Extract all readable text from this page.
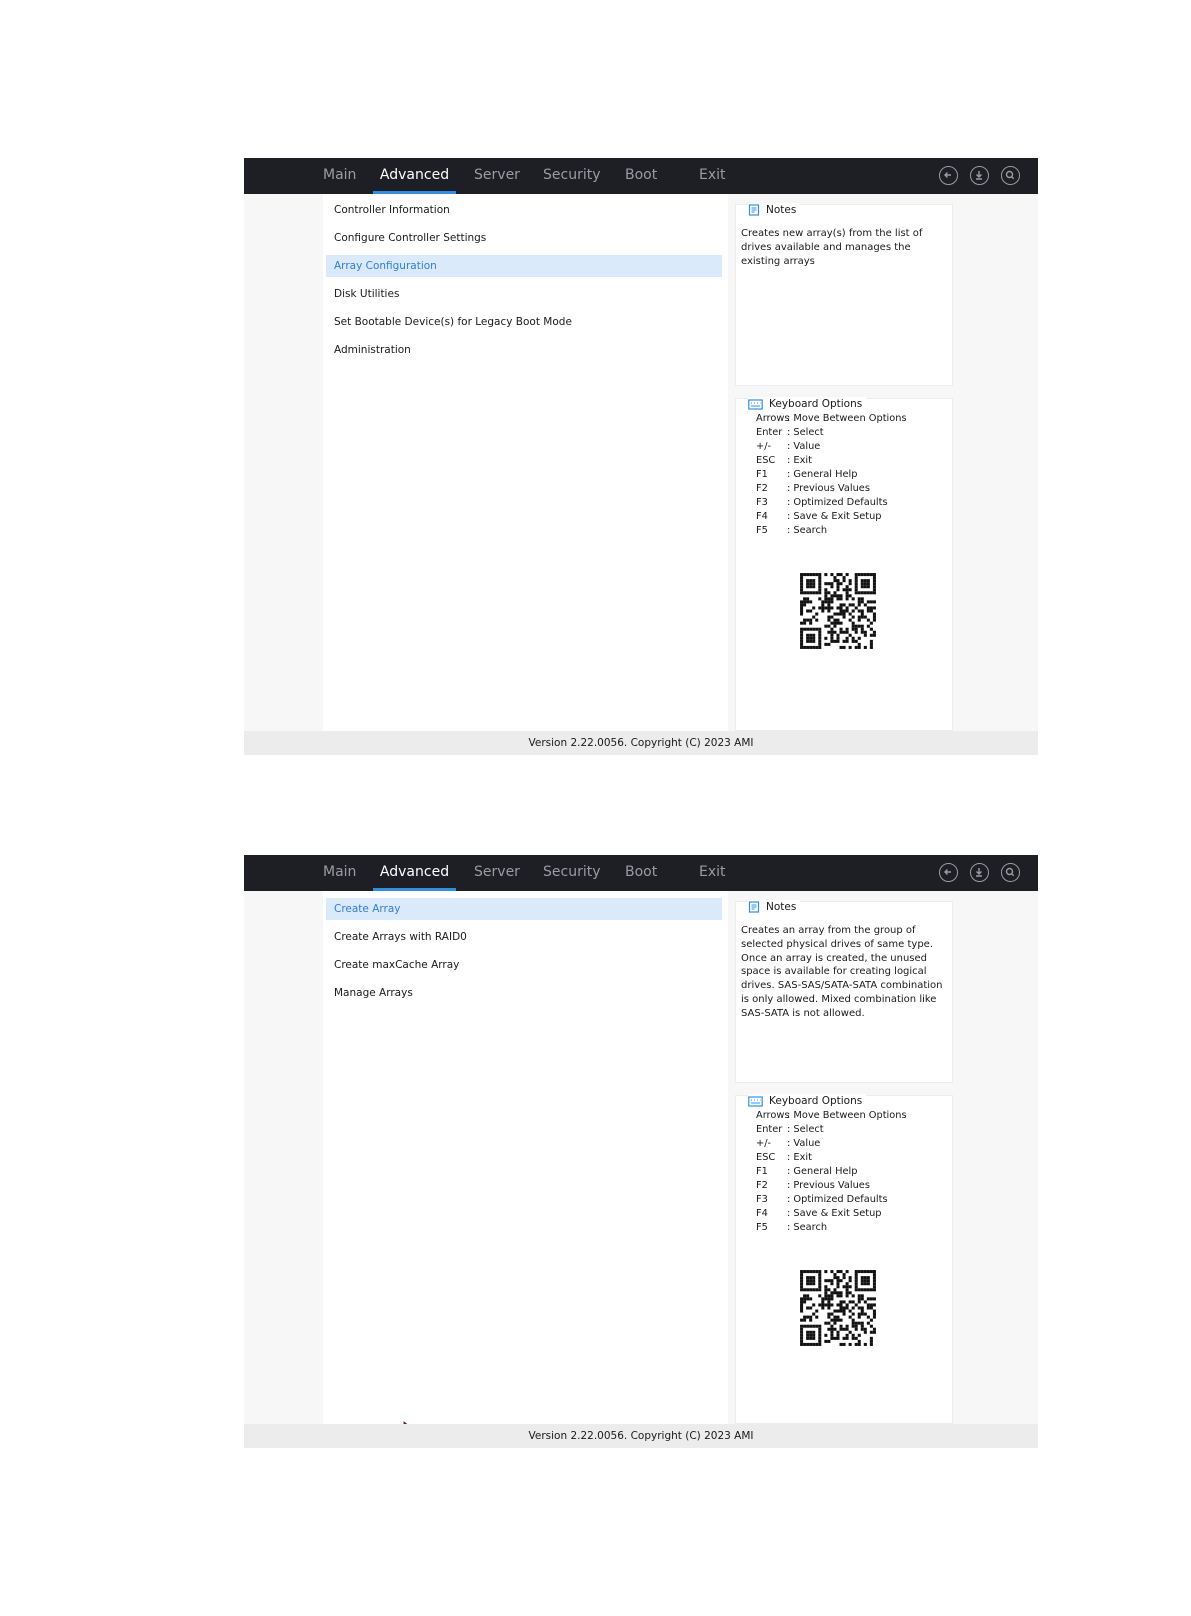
Main	Advanced	Server Security Boot	Exit
Controller Information
Configure Controller Settings
Array Configuration
Disk Utilities
Set Bootable Device(s) for Legacy Boot Mode
Administration
Notes
Creates new array(s) from the list of drives available and manages the existing arrays
Keyboard Options
Arrows: Move Between Options
Enter : Select
+/- : Value
ESC : Exit
F1 : General Help
F2 : Previous Values
F3 : Optimized Defaults
F4 : Save & Exit Setup
F5 : Search
Version 2.22.0056. Copyright (C) 2023 AMI
Main	Advanced	Server Security Boot	Exit
Create Array
Create Arrays with RAID0
Create maxCache Array
Manage Arrays
Notes
Creates an array from the group of selected physical drives of same type. Once an array is created, the unused space is available for creating logical drives. SAS-SAS/SATA-SATA combination is only allowed. Mixed combination like SAS-SATA is not allowed.
Keyboard Options
Arrows: Move Between Options
Enter : Select
+/- : Value
ESC : Exit
F1 : General Help
F2 : Previous Values
F3 : Optimized Defaults
F4 : Save & Exit Setup
F5 : Search
Version 2.22.0056. Copyright (C) 2023 AMI
